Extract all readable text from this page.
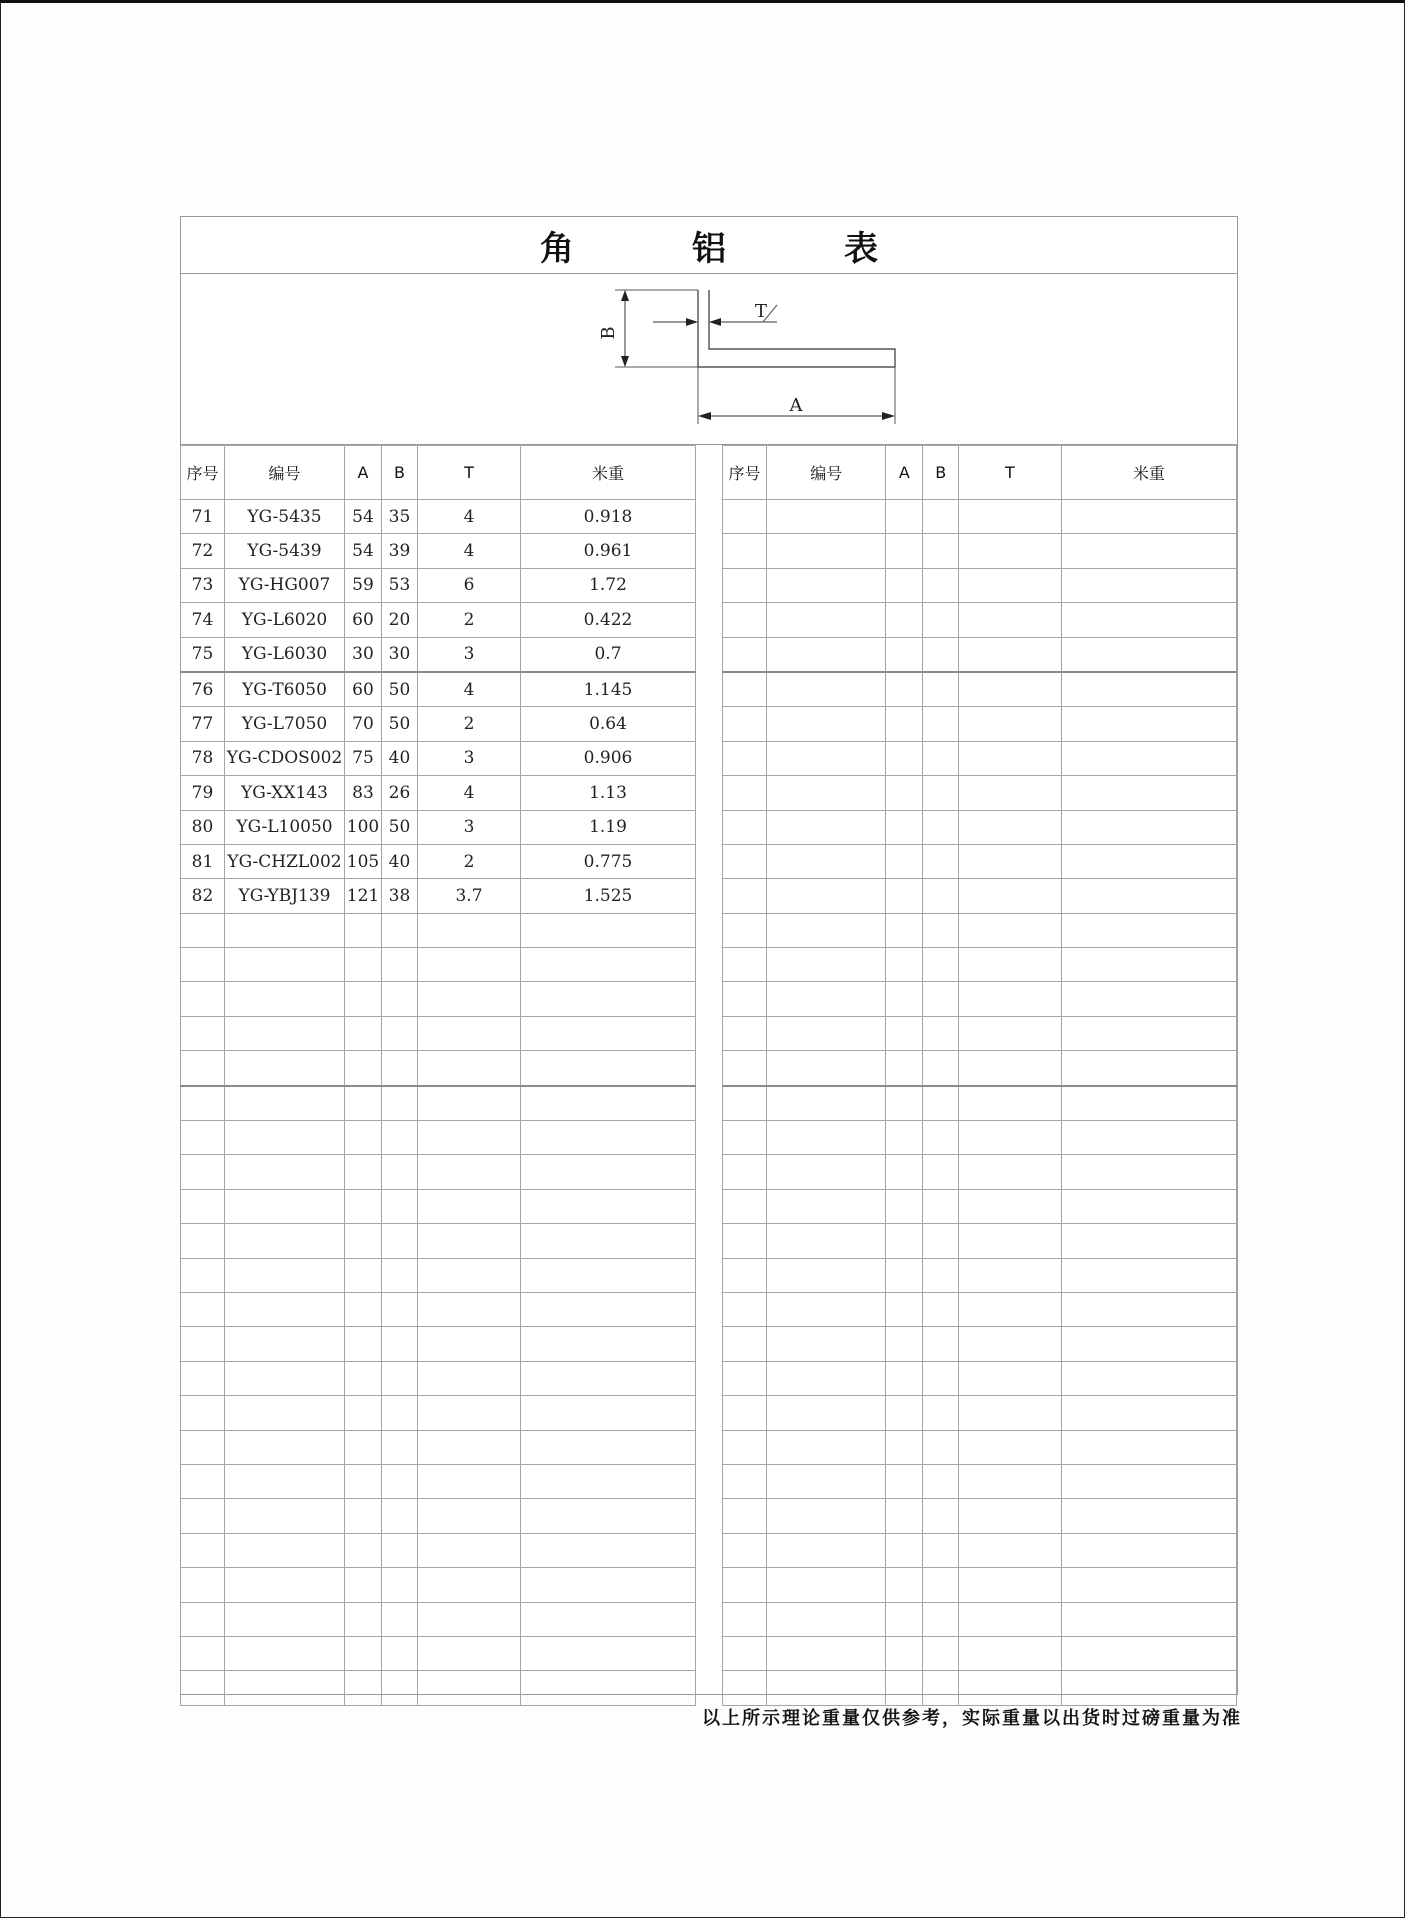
角　铝　表
B
T
A
序号	编号	A	B	T	米重
71	YG-5435	54	35	4	0.918
72	YG-5439	54	39	4	0.961
73	YG-HG007	59	53	6	1.72
74	YG-L6020	60	20	2	0.422
75	YG-L6030	30	30	3	0.7
76	YG-T6050	60	50	4	1.145
77	YG-L7050	70	50	2	0.64
78	YG-CDOS002	75	40	3	0.906
79	YG-XX143	83	26	4	1.13
80	YG-L10050	100	50	3	1.19
81	YG-CHZL002	105	40	2	0.775
82	YG-YBJ139	121	38	3.7	1.525

序号	编号	A	B	T	米重

以上所示理论重量仅供参考，实际重量以出货时过磅重量为准
